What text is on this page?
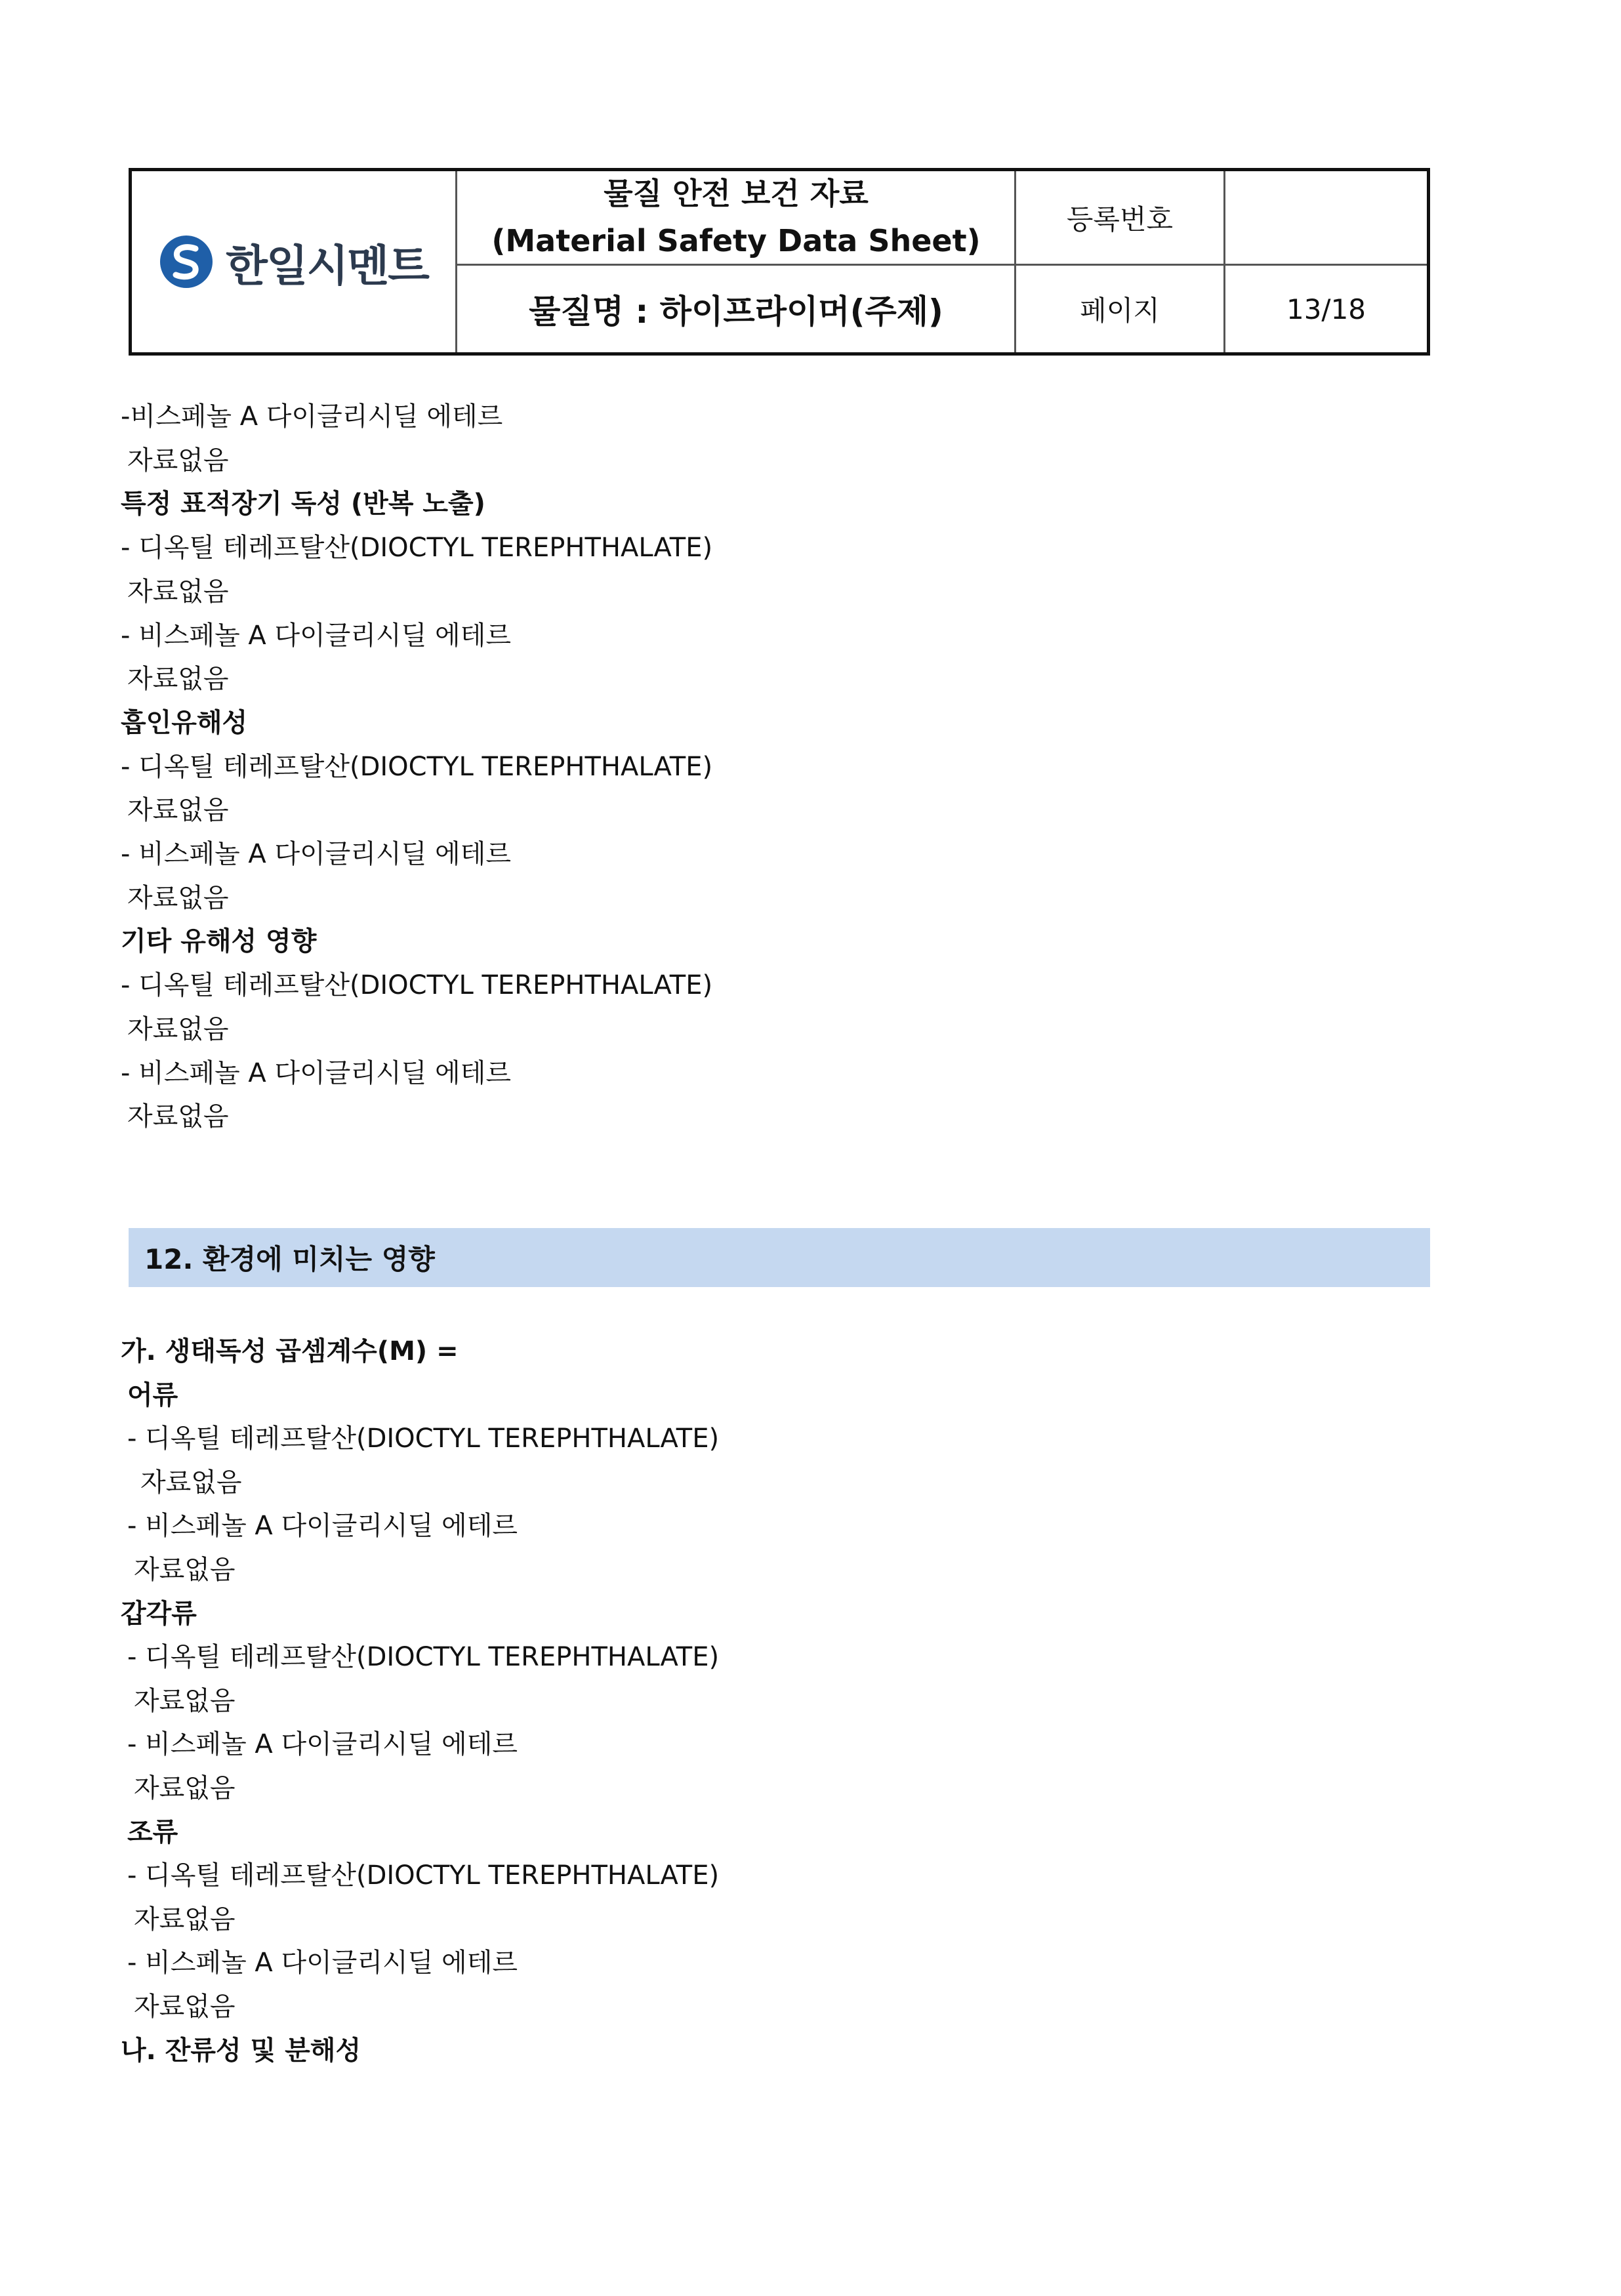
한일시멘트
물질 안전 보건 자료
(Material Safety Data Sheet)
물질명 : 하이프라이머(주제)
등록번호
페이지	13/18
-비스페놀 A 다이글리시딜 에테르
자료없음
특정 표적장기 독성 (반복 노출)
- 디옥틸 테레프탈산(DIOCTYL TEREPHTHALATE)
자료없음
- 비스페놀 A 다이글리시딜 에테르
자료없음
흡인유해성
- 디옥틸 테레프탈산(DIOCTYL TEREPHTHALATE)
자료없음
- 비스페놀 A 다이글리시딜 에테르
자료없음
기타 유해성 영향
- 디옥틸 테레프탈산(DIOCTYL TEREPHTHALATE)
자료없음
- 비스페놀 A 다이글리시딜 에테르
자료없음
12. 환경에 미치는 영향
가. 생태독성 곱셈계수(M) =
어류
- 디옥틸 테레프탈산(DIOCTYL TEREPHTHALATE)
자료없음
- 비스페놀 A 다이글리시딜 에테르
자료없음
갑각류
- 디옥틸 테레프탈산(DIOCTYL TEREPHTHALATE)
자료없음
- 비스페놀 A 다이글리시딜 에테르
자료없음
조류
- 디옥틸 테레프탈산(DIOCTYL TEREPHTHALATE)
자료없음
- 비스페놀 A 다이글리시딜 에테르
자료없음
나. 잔류성 및 분해성
